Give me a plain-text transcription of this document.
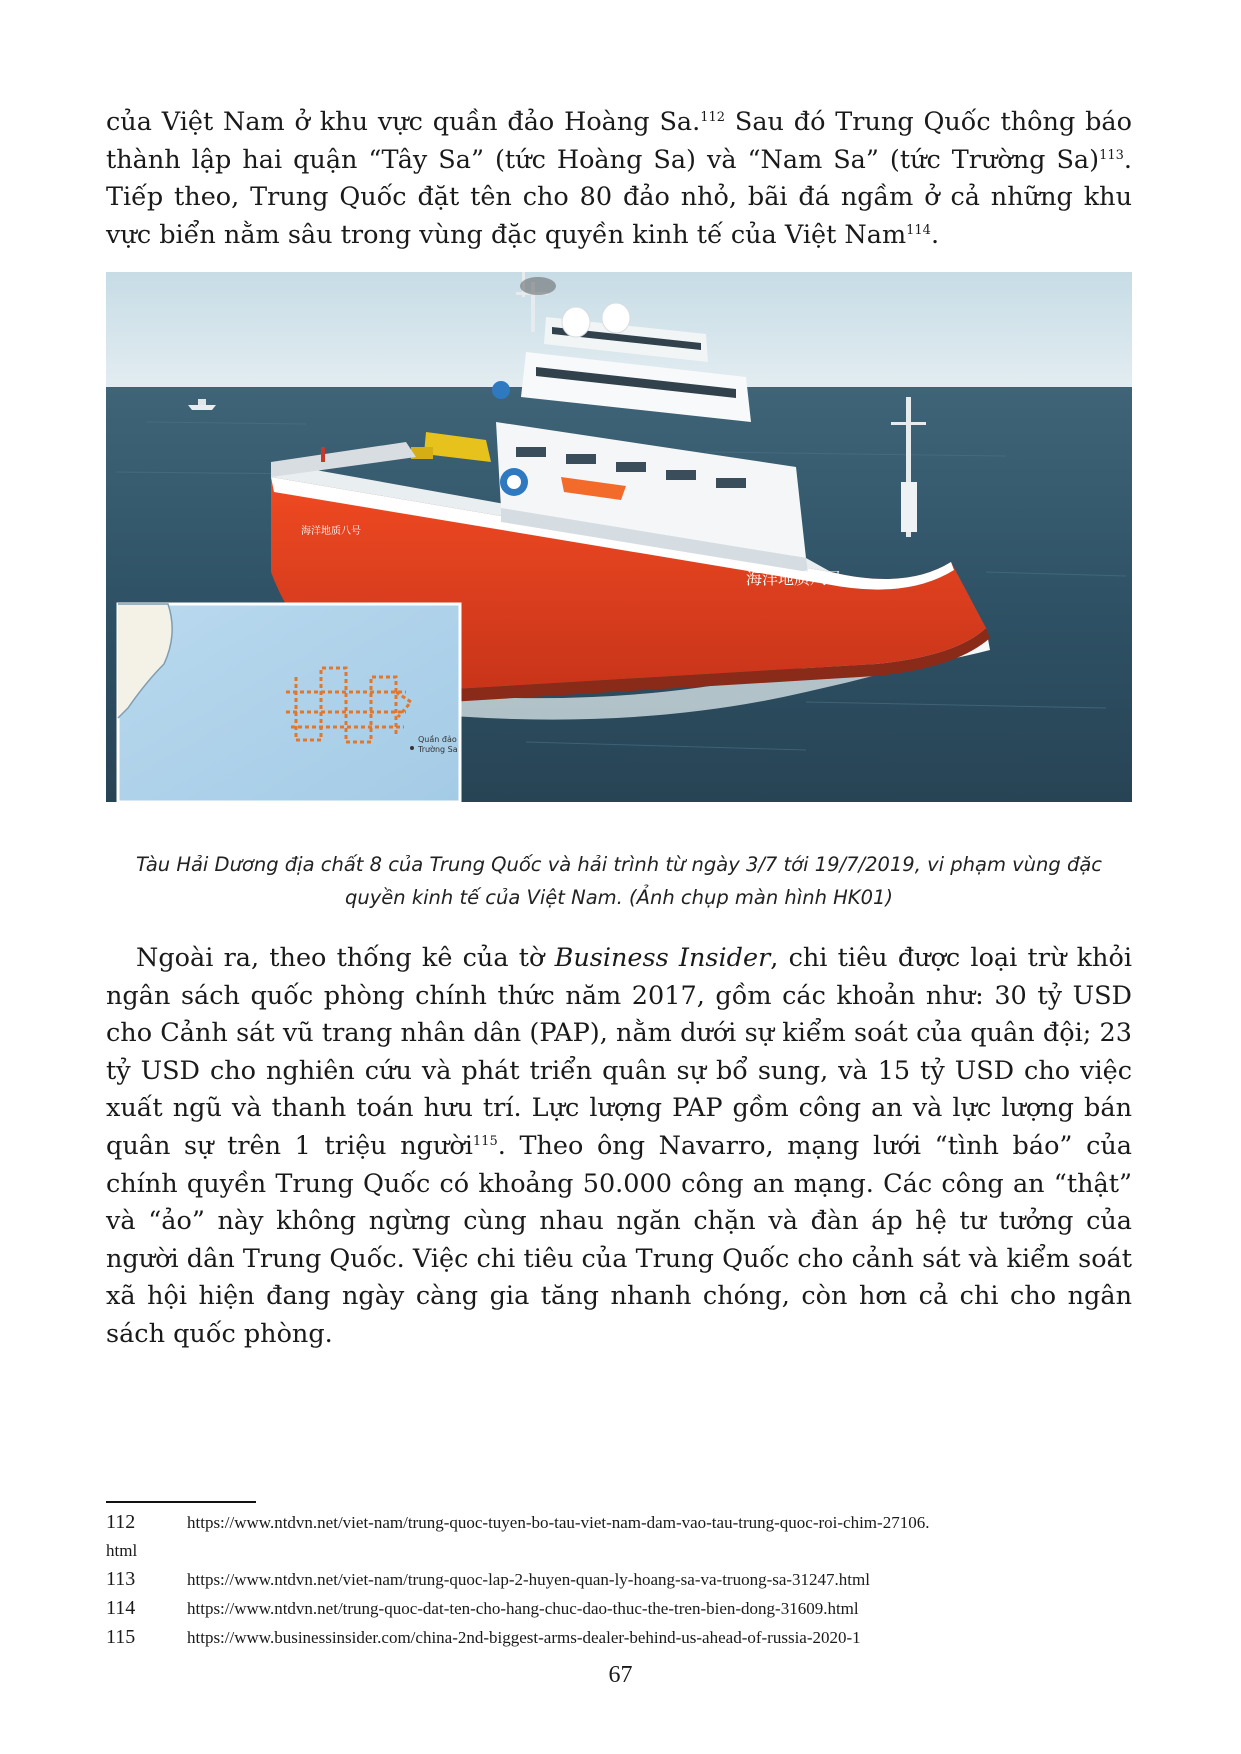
của Việt Nam ở khu vực quần đảo Hoàng Sa.$^{112}$ Sau đó Trung Quốc thông báo thành lập hai quận “Tây Sa” (tức Hoàng Sa) và “Nam Sa” (tức Trường Sa)$^{113}$. Tiếp theo, Trung Quốc đặt tên cho 80 đảo nhỏ, bãi đá ngầm ở cả những khu vực biển nằm sâu trong vùng đặc quyền kinh tế của Việt Nam$^{114}$.

海洋地质八号
海洋地质八号
Quần đảo
Trường Sa
Tàu Hải Dương địa chất 8 của Trung Quốc và hải trình từ ngày 3/7 tới 19/7/2019, vi phạm vùng đặc quyền kinh tế của Việt Nam. (Ảnh chụp màn hình HK01)

Ngoài ra, theo thống kê của tờ Business Insider, chi tiêu được loại trừ khỏi ngân sách quốc phòng chính thức năm 2017, gồm các khoản như: 30 tỷ USD cho Cảnh sát vũ trang nhân dân (PAP), nằm dưới sự kiểm soát của quân đội; 23 tỷ USD cho nghiên cứu và phát triển quân sự bổ sung, và 15 tỷ USD cho việc xuất ngũ và thanh toán hưu trí. Lực lượng PAP gồm công an và lực lượng bán quân sự trên 1 triệu người$^{115}$. Theo ông Navarro, mạng lưới “tình báo” của chính quyền Trung Quốc có khoảng 50.000 công an mạng. Các công an “thật” và “ảo” này không ngừng cùng nhau ngăn chặn và đàn áp hệ tư tưởng của người dân Trung Quốc. Việc chi tiêu của Trung Quốc cho cảnh sát và kiểm soát xã hội hiện đang ngày càng gia tăng nhanh chóng, còn hơn cả chi cho ngân sách quốc phòng.

112	https://www.ntdvn.net/viet-nam/trung-quoc-tuyen-bo-tau-viet-nam-dam-vao-tau-trung-quoc-roi-chim-27106.
html
113	https://www.ntdvn.net/viet-nam/trung-quoc-lap-2-huyen-quan-ly-hoang-sa-va-truong-sa-31247.html
114	https://www.ntdvn.net/trung-quoc-dat-ten-cho-hang-chuc-dao-thuc-the-tren-bien-dong-31609.html
115	https://www.businessinsider.com/china-2nd-biggest-arms-dealer-behind-us-ahead-of-russia-2020-1
67
